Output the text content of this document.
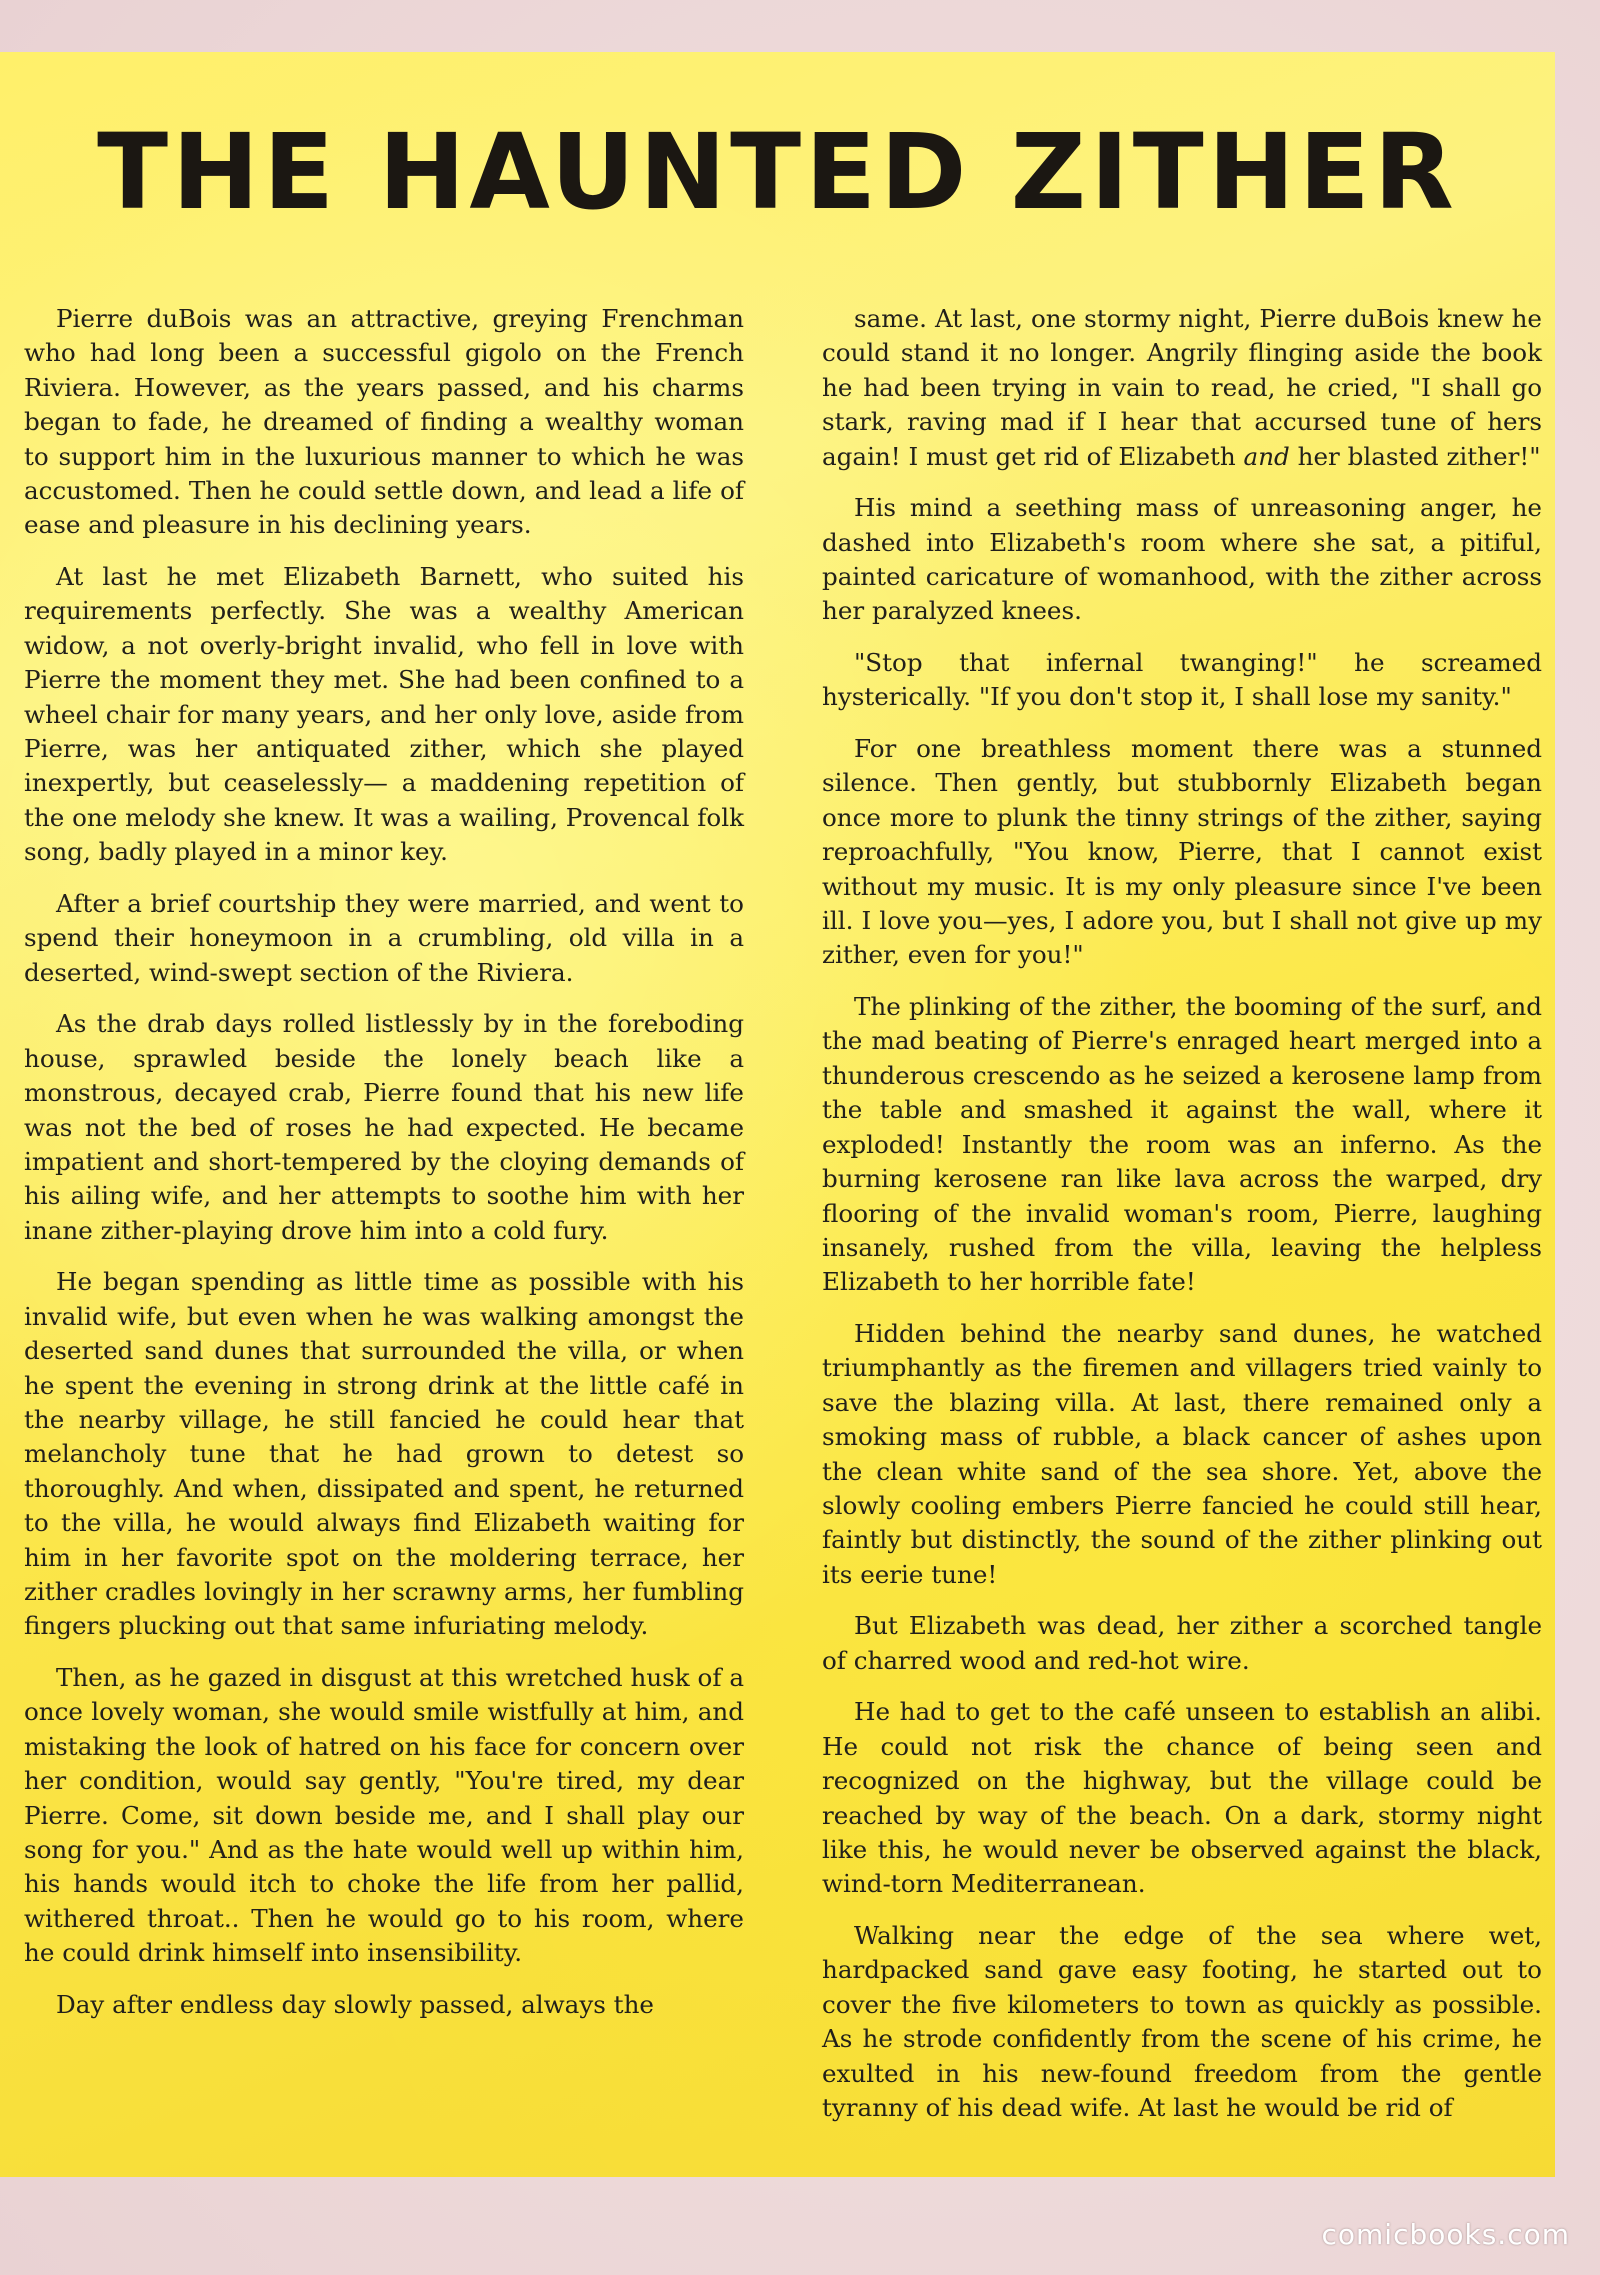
THE HAUNTED ZITHER

Pierre duBois was an attractive, greying Frenchman who had long been a successful gigolo on the French Riviera. However, as the years passed, and his charms began to fade, he dreamed of finding a wealthy woman to support him in the luxurious manner to which he was accustomed. Then he could settle down, and lead a life of ease and pleasure in his declining years.

At last he met Elizabeth Barnett, who suited his requirements perfectly. She was a wealthy American widow, a not overly-bright invalid, who fell in love with Pierre the moment they met. She had been confined to a wheel chair for many years, and her only love, aside from Pierre, was her antiquated zither, which she played inexpertly, but ceaselessly— a maddening repetition of the one melody she knew. It was a wailing, Provencal folk song, badly played in a minor key.

After a brief courtship they were married, and went to spend their honeymoon in a crumbling, old villa in a deserted, wind-swept section of the Riviera.

As the drab days rolled listlessly by in the foreboding house, sprawled beside the lonely beach like a monstrous, decayed crab, Pierre found that his new life was not the bed of roses he had expected. He became impatient and short-tempered by the cloying demands of his ailing wife, and her attempts to soothe him with her inane zither-playing drove him into a cold fury.

He began spending as little time as possible with his invalid wife, but even when he was walking amongst the deserted sand dunes that surrounded the villa, or when he spent the evening in strong drink at the little café in the nearby village, he still fancied he could hear that melancholy tune that he had grown to detest so thoroughly. And when, dissipated and spent, he returned to the villa, he would always find Elizabeth waiting for him in her favorite spot on the moldering terrace, her zither cradles lovingly in her scrawny arms, her fumbling fingers plucking out that same infuriating melody.

Then, as he gazed in disgust at this wretched husk of a once lovely woman, she would smile wistfully at him, and mistaking the look of hatred on his face for concern over her condition, would say gently, "You're tired, my dear Pierre. Come, sit down beside me, and I shall play our song for you." And as the hate would well up within him, his hands would itch to choke the life from her pallid, withered throat.. Then he would go to his room, where he could drink himself into insensibility.

Day after endless day slowly passed, always the

same. At last, one stormy night, Pierre duBois knew he could stand it no longer. Angrily flinging aside the book he had been trying in vain to read, he cried, "I shall go stark, raving mad if I hear that accursed tune of hers again! I must get rid of Elizabeth and her blasted zither!"

His mind a seething mass of unreasoning anger, he dashed into Elizabeth's room where she sat, a pitiful, painted caricature of womanhood, with the zither across her paralyzed knees.

"Stop that infernal twanging!" he screamed hysterically. "If you don't stop it, I shall lose my sanity."

For one breathless moment there was a stunned silence. Then gently, but stubbornly Elizabeth began once more to plunk the tinny strings of the zither, saying reproachfully, "You know, Pierre, that I cannot exist without my music. It is my only pleasure since I've been ill. I love you—yes, I adore you, but I shall not give up my zither, even for you!"

The plinking of the zither, the booming of the surf, and the mad beating of Pierre's enraged heart merged into a thunderous crescendo as he seized a kerosene lamp from the table and smashed it against the wall, where it exploded! Instantly the room was an inferno. As the burning kerosene ran like lava across the warped, dry flooring of the invalid woman's room, Pierre, laughing insanely, rushed from the villa, leaving the helpless Elizabeth to her horrible fate!

Hidden behind the nearby sand dunes, he watched triumphantly as the firemen and villagers tried vainly to save the blazing villa. At last, there remained only a smoking mass of rubble, a black cancer of ashes upon the clean white sand of the sea shore. Yet, above the slowly cooling embers Pierre fancied he could still hear, faintly but distinctly, the sound of the zither plinking out its eerie tune!

But Elizabeth was dead, her zither a scorched tangle of charred wood and red-hot wire.

He had to get to the café unseen to establish an alibi. He could not risk the chance of being seen and recognized on the highway, but the village could be reached by way of the beach. On a dark, stormy night like this, he would never be observed against the black, wind-torn Mediterranean.

Walking near the edge of the sea where wet, hardpacked sand gave easy footing, he started out to cover the five kilometers to town as quickly as possible. As he strode confidently from the scene of his crime, he exulted in his new-found freedom from the gentle tyranny of his dead wife. At last he would be rid of

comicbooks.com
